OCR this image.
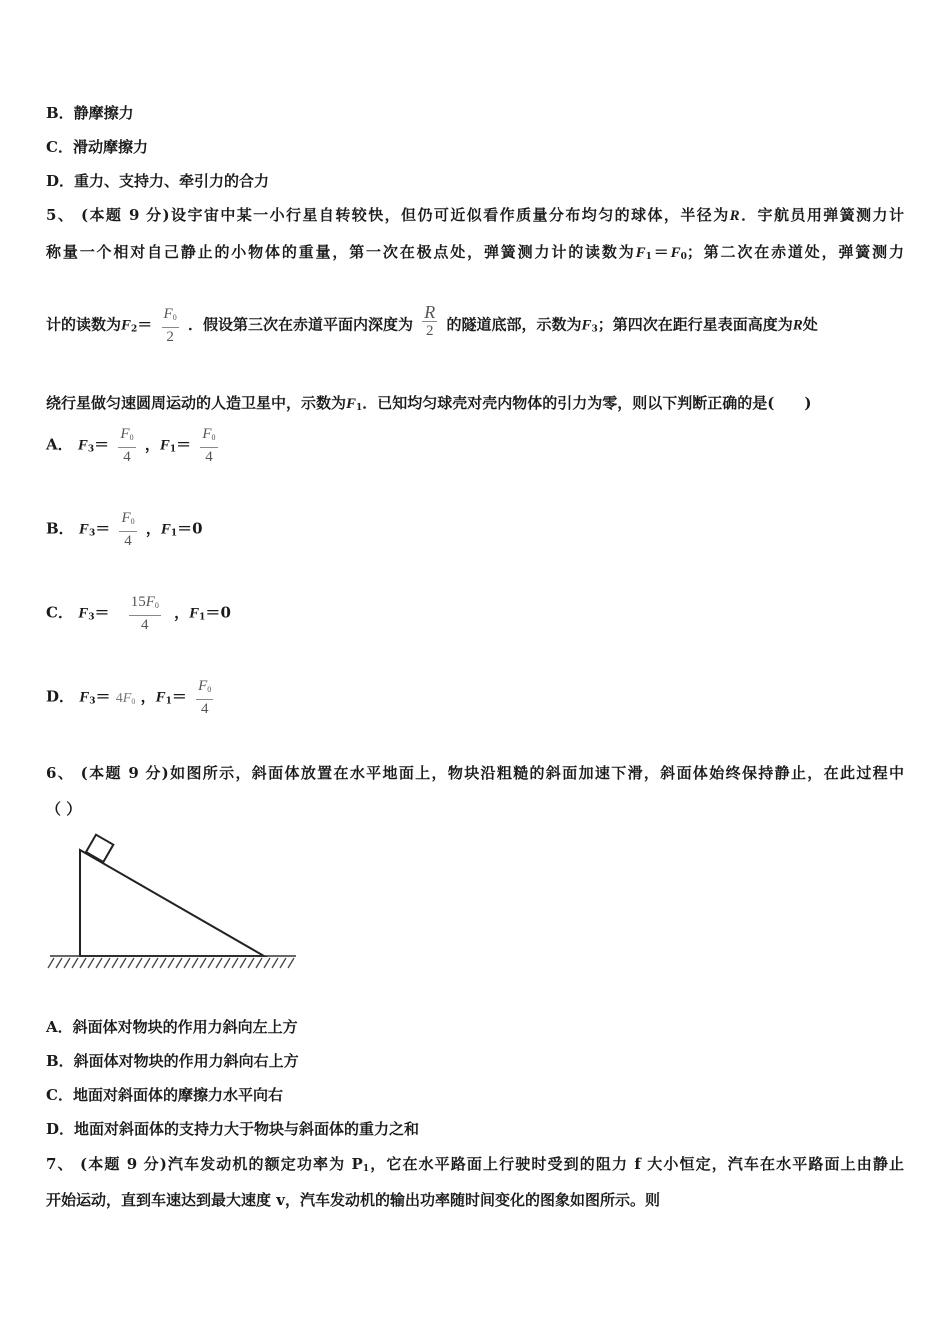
B．静摩擦力
C．滑动摩擦力
D．重力、支持力、牵引力的合力
5、 (本题 9 分)设宇宙中某一小行星自转较快，但仍可近似看作质量分布均匀的球体，半径为R．宇航员用弹簧测力计
称量一个相对自己静止的小物体的重量，第一次在极点处，弹簧测力计的读数为$F_1=F_0$；第二次在赤道处，弹簧测力
计的读数为$F_2= \frac{F_0}{2}$ ．假设第三次在赤道平面内深度为 $\frac{R}{2}$ 的隧道底部，示数为$F_3$；第四次在距行星表面高度为R处
绕行星做匀速圆周运动的人造卫星中，示数为$F_1$．已知均匀球壳对壳内物体的引力为零，则以下判断正确的是(　　)
A． $F_3= \frac{F_0}{4}$ ，$F_1= \frac{F_0}{4}$
B． $F_3= \frac{F_0}{4}$ ，$F_1=0$
C． $F_3= \frac{15F_0}{4}$ ，$F_1=0$
D． $F_3= 4F_0$ ，$F_1= \frac{F_0}{4}$
6、 (本题 9 分)如图所示，斜面体放置在水平地面上，物块沿粗糙的斜面加速下滑，斜面体始终保持静止，在此过程中
（ ）
A．斜面体对物块的作用力斜向左上方
B．斜面体对物块的作用力斜向右上方
C．地面对斜面体的摩擦力水平向右
D．地面对斜面体的支持力大于物块与斜面体的重力之和
7、 (本题 9 分)汽车发动机的额定功率为 $P_1$，它在水平路面上行驶时受到的阻力 f 大小恒定，汽车在水平路面上由静止
开始运动，直到车速达到最大速度 v，汽车发动机的输出功率随时间变化的图象如图所示。则
